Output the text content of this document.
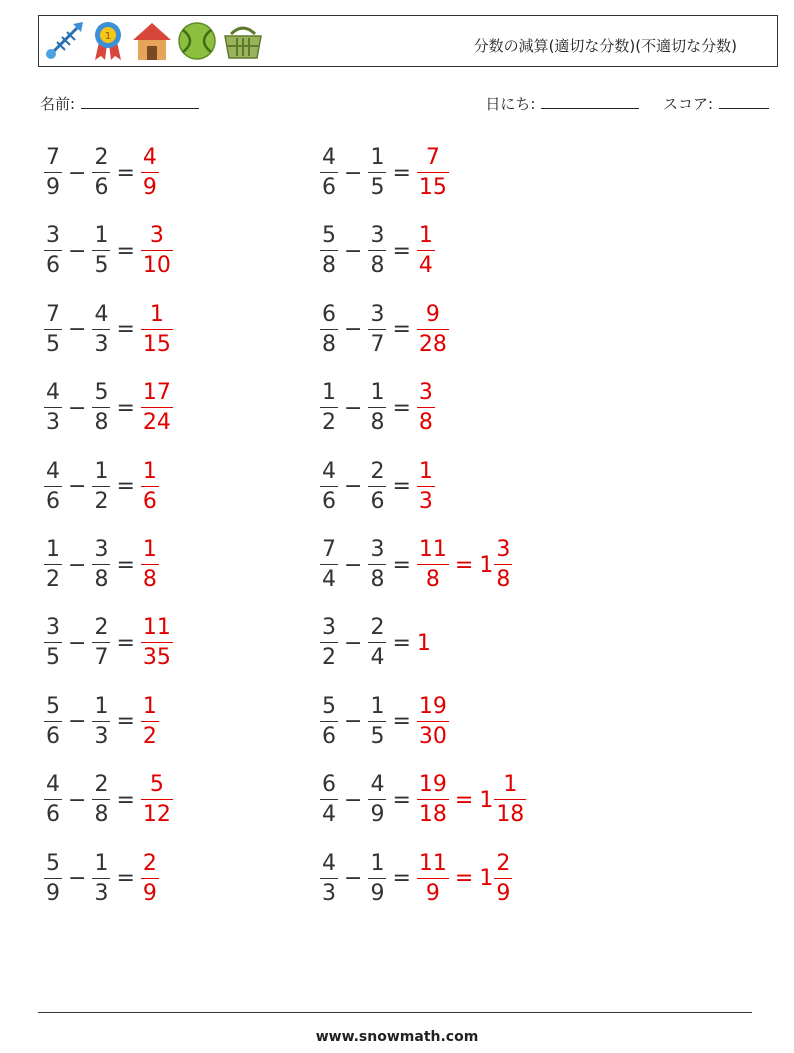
1
分数の減算(適切な分数)(不適切な分数)
名前:	日にち:	スコア:
$\frac{7}{9} - \frac{2}{6} = \frac{4}{9}$	$\frac{4}{6} - \frac{1}{5} = \frac{7}{15}$
$\frac{3}{6} - \frac{1}{5} = \frac{3}{10}$	$\frac{5}{8} - \frac{3}{8} = \frac{1}{4}$
$\frac{7}{5} - \frac{4}{3} = \frac{1}{15}$	$\frac{6}{8} - \frac{3}{7} = \frac{9}{28}$
$\frac{4}{3} - \frac{5}{8} = \frac{17}{24}$	$\frac{1}{2} - \frac{1}{8} = \frac{3}{8}$
$\frac{4}{6} - \frac{1}{2} = \frac{1}{6}$	$\frac{4}{6} - \frac{2}{6} = \frac{1}{3}$
$\frac{1}{2} - \frac{3}{8} = \frac{1}{8}$	$\frac{7}{4} - \frac{3}{8} = \frac{11}{8} = 1 \frac{3}{8}$
$\frac{3}{5} - \frac{2}{7} = \frac{11}{35}$	$\frac{3}{2} - \frac{2}{4} = 1$
$\frac{5}{6} - \frac{1}{3} = \frac{1}{2}$	$\frac{5}{6} - \frac{1}{5} = \frac{19}{30}$
$\frac{4}{6} - \frac{2}{8} = \frac{5}{12}$	$\frac{6}{4} - \frac{4}{9} = \frac{19}{18} = 1 \frac{1}{18}$
$\frac{5}{9} - \frac{1}{3} = \frac{2}{9}$	$\frac{4}{3} - \frac{1}{9} = \frac{11}{9} = 1 \frac{2}{9}$
www.snowmath.com
